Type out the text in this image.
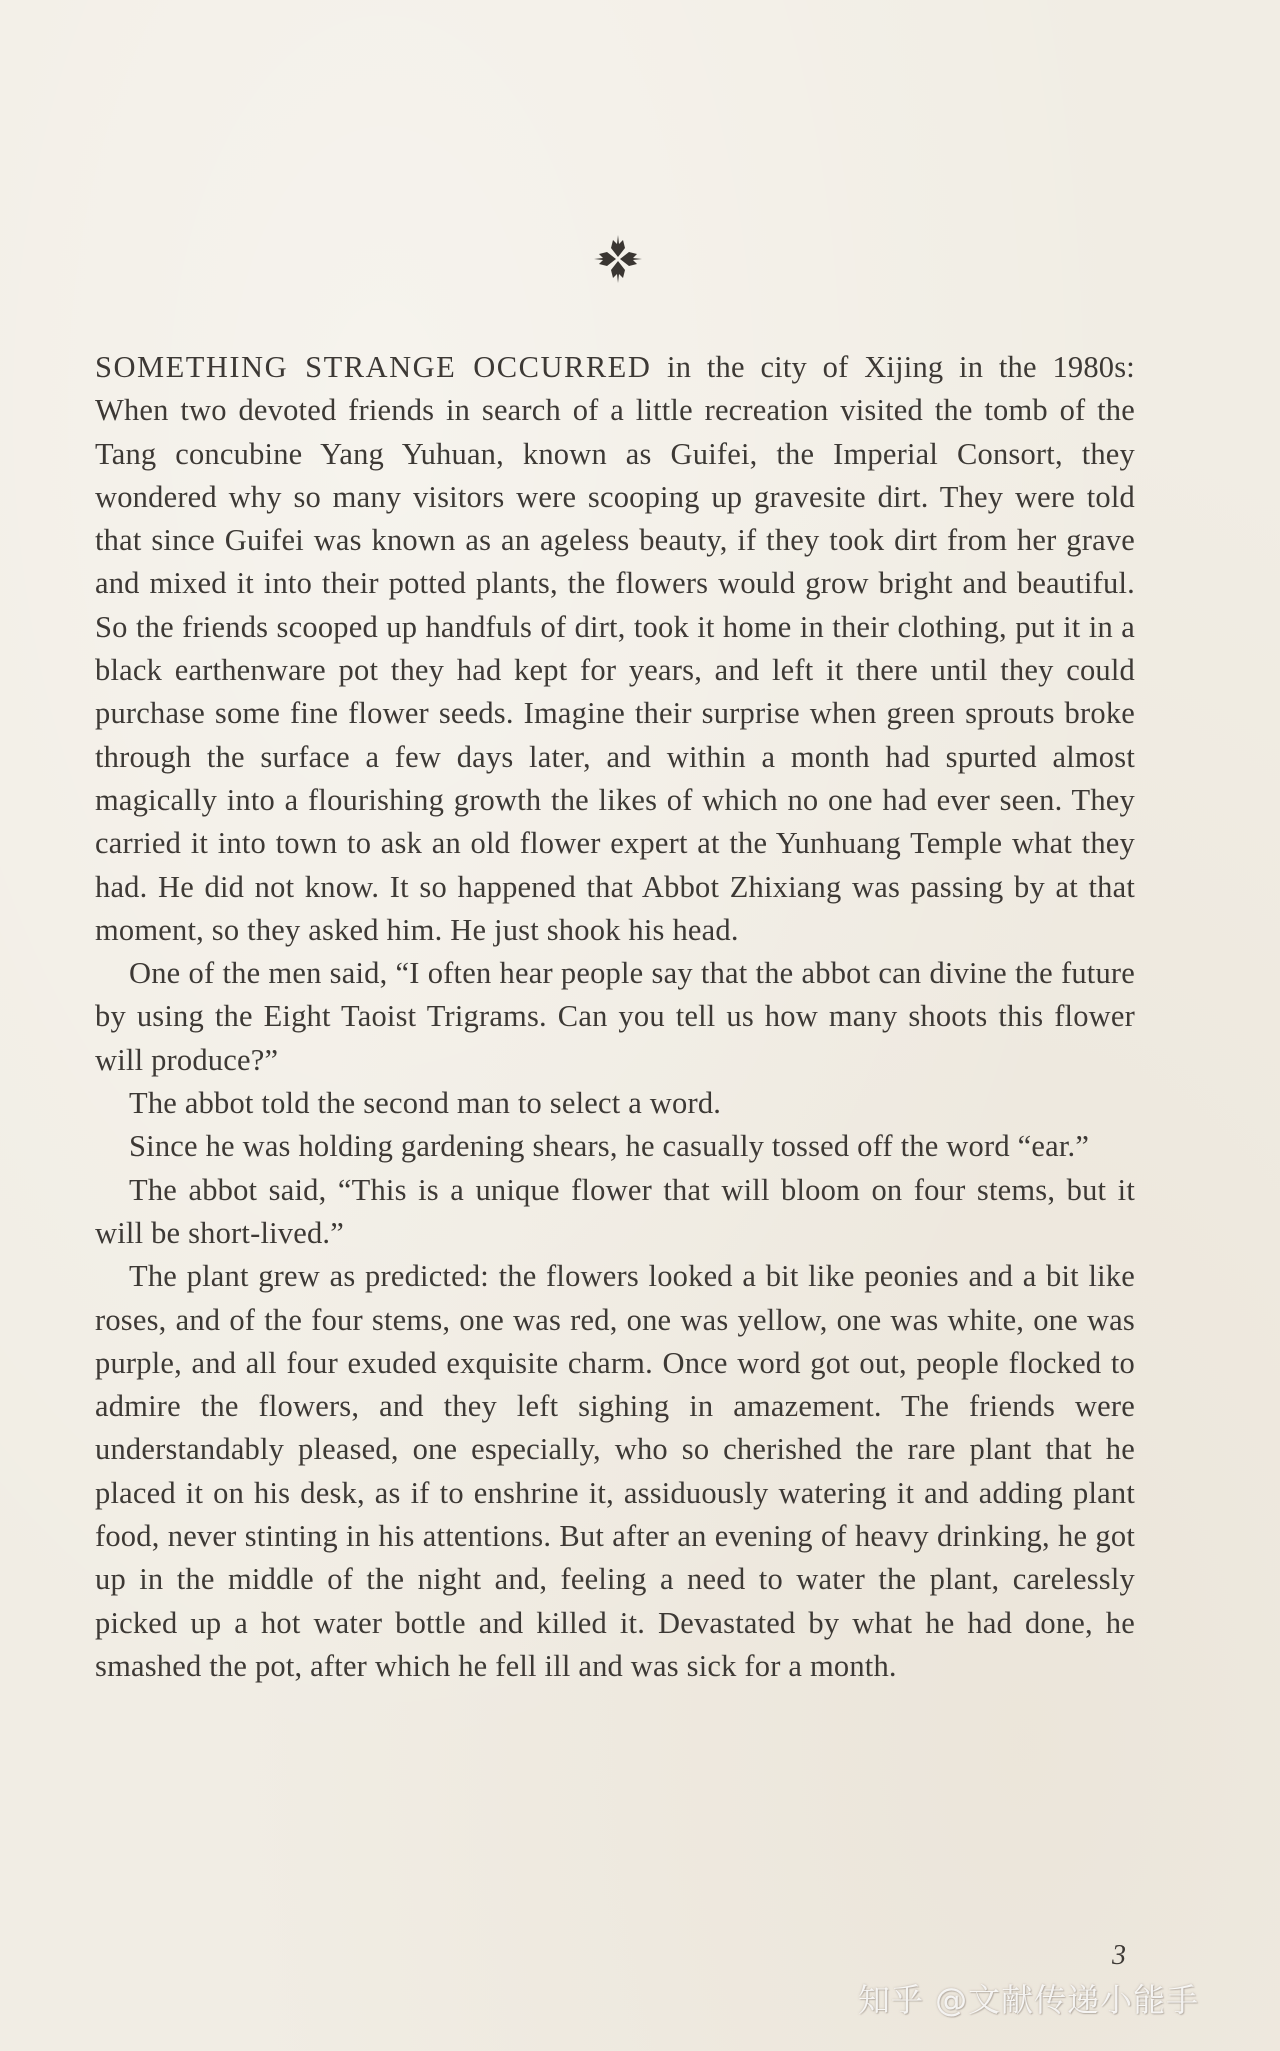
SOMETHING STRANGE OCCURRED in the city of Xijing in the 1980s: When two devoted friends in search of a little recreation visited the tomb of the Tang concubine Yang Yuhuan, known as Guifei, the Imperial Consort, they wondered why so many visitors were scooping up gravesite dirt. They were told that since Guifei was known as an ageless beauty, if they took dirt from her grave and mixed it into their potted plants, the flowers would grow bright and beautiful. So the friends scooped up handfuls of dirt, took it home in their clothing, put it in a black earthenware pot they had kept for years, and left it there until they could purchase some fine flower seeds. Imagine their surprise when green sprouts broke through the surface a few days later, and within a month had spurted almost magically into a flourishing growth the likes of which no one had ever seen. They carried it into town to ask an old flower expert at the Yunhuang Temple what they had. He did not know. It so happened that Abbot Zhixiang was passing by at that moment, so they asked him. He just shook his head.

One of the men said, “I often hear people say that the abbot can divine the future by using the Eight Taoist Trigrams. Can you tell us how many shoots this flower will produce?”

The abbot told the second man to select a word.

Since he was holding gardening shears, he casually tossed off the word “ear.”

The abbot said, “This is a unique flower that will bloom on four stems, but it will be short-lived.”

The plant grew as predicted: the flowers looked a bit like peonies and a bit like roses, and of the four stems, one was red, one was yellow, one was white, one was purple, and all four exuded exquisite charm. Once word got out, people flocked to admire the flowers, and they left sighing in amazement. The friends were understandably pleased, one especially, who so cherished the rare plant that he placed it on his desk, as if to enshrine it, assiduously watering it and adding plant food, never stinting in his attentions. But after an evening of heavy drinking, he got up in the middle of the night and, feeling a need to water the plant, carelessly picked up a hot water bottle and killed it. Devastated by what he had done, he smashed the pot, after which he fell ill and was sick for a month.

3
知乎 @文献传递小能手
